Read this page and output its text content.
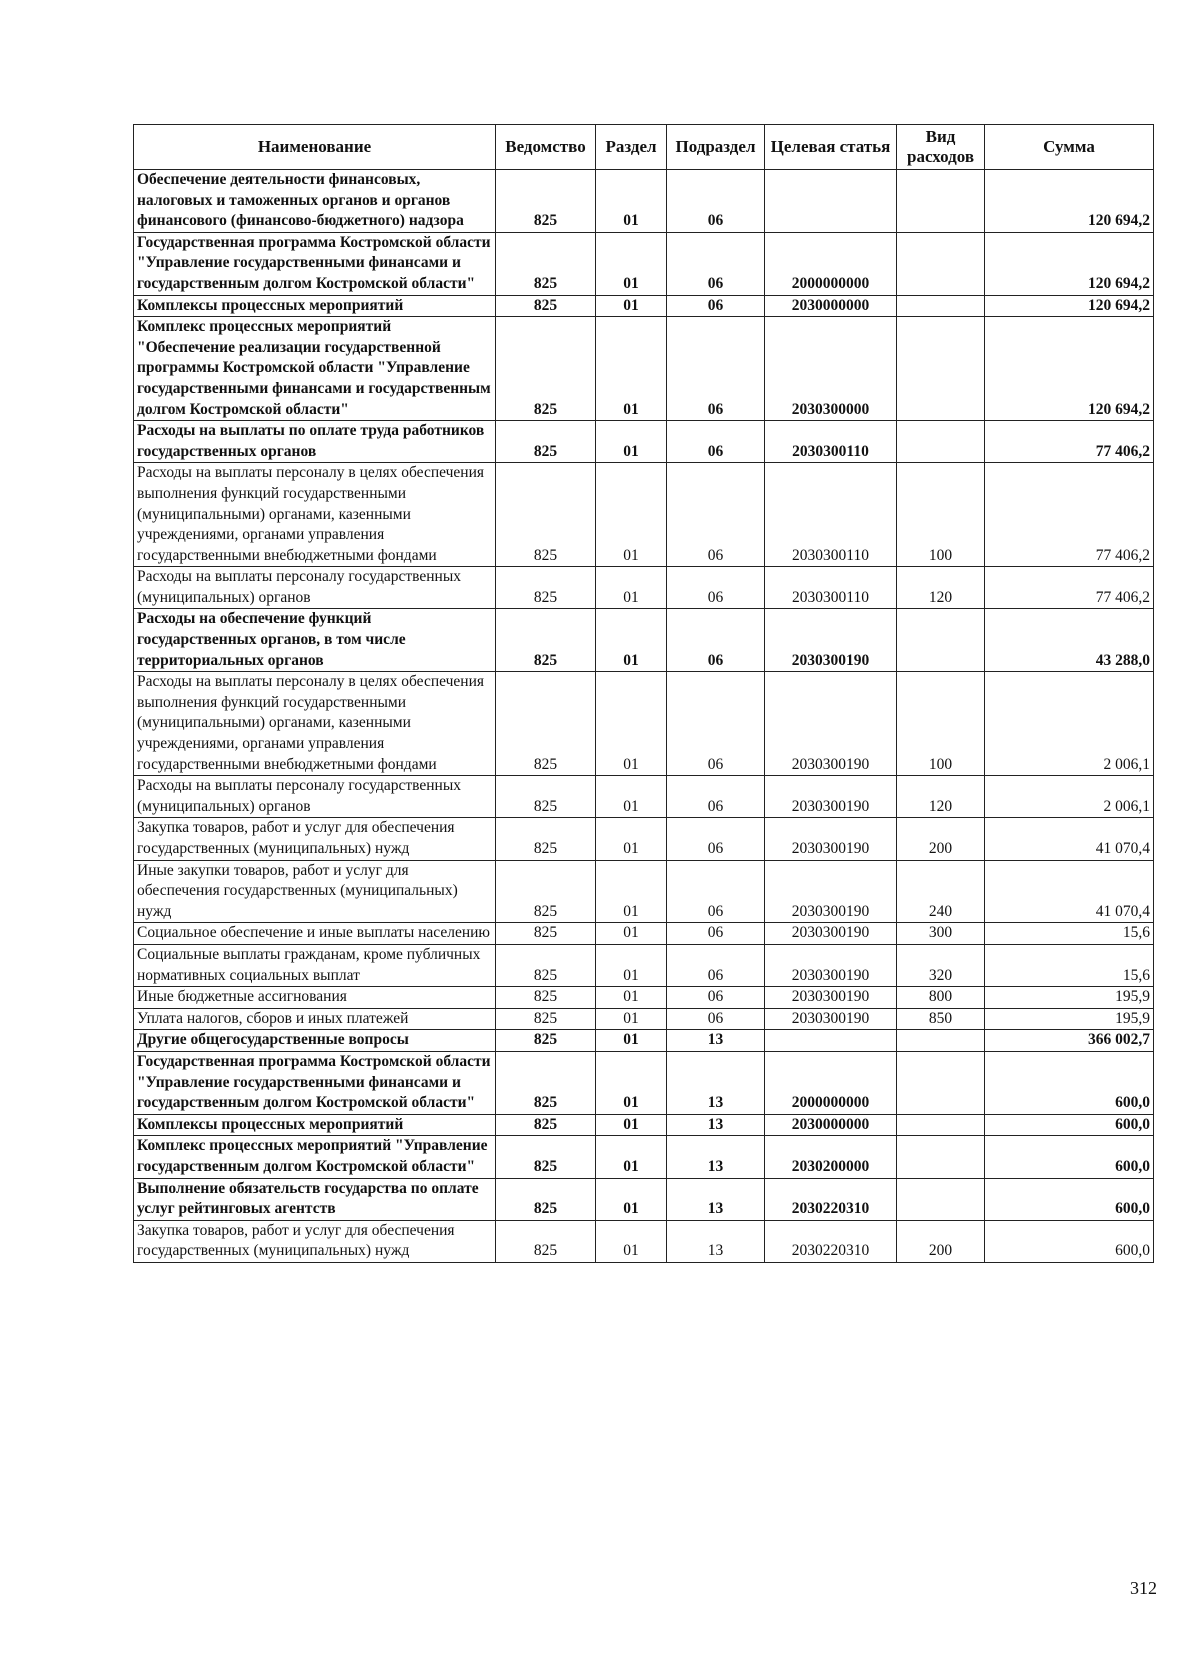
Наименование	Ведомство	Раздел	Подраздел	Целевая статья	Вид расходов	Сумма
Обеспечение деятельности финансовых, налоговых и таможенных органов и органов финансового (финансово-бюджетного) надзора	825	01	06			120 694,2
Государственная программа Костромской области "Управление государственными финансами и государственным долгом Костромской области"	825	01	06	2000000000		120 694,2
Комплексы процессных мероприятий	825	01	06	2030000000		120 694,2
Комплекс процессных мероприятий "Обеспечение реализации государственной программы Костромской области "Управление государственными финансами и государственным долгом Костромской области"	825	01	06	2030300000		120 694,2
Расходы на выплаты по оплате труда работников государственных органов	825	01	06	2030300110		77 406,2
Расходы на выплаты персоналу в целях обеспечения выполнения функций государственными (муниципальными) органами, казенными учреждениями, органами управления государственными внебюджетными фондами	825	01	06	2030300110	100	77 406,2
Расходы на выплаты персоналу государственных (муниципальных) органов	825	01	06	2030300110	120	77 406,2
Расходы на обеспечение функций государственных органов, в том числе территориальных органов	825	01	06	2030300190		43 288,0
Расходы на выплаты персоналу в целях обеспечения выполнения функций государственными (муниципальными) органами, казенными учреждениями, органами управления государственными внебюджетными фондами	825	01	06	2030300190	100	2 006,1
Расходы на выплаты персоналу государственных (муниципальных) органов	825	01	06	2030300190	120	2 006,1
Закупка товаров, работ и услуг для обеспечения государственных (муниципальных) нужд	825	01	06	2030300190	200	41 070,4
Иные закупки товаров, работ и услуг для обеспечения государственных (муниципальных) нужд	825	01	06	2030300190	240	41 070,4
Социальное обеспечение и иные выплаты населению	825	01	06	2030300190	300	15,6
Социальные выплаты гражданам, кроме публичных нормативных социальных выплат	825	01	06	2030300190	320	15,6
Иные бюджетные ассигнования	825	01	06	2030300190	800	195,9
Уплата налогов, сборов и иных платежей	825	01	06	2030300190	850	195,9
Другие общегосударственные вопросы	825	01	13			366 002,7
Государственная программа Костромской области "Управление государственными финансами и государственным долгом Костромской области"	825	01	13	2000000000		600,0
Комплексы процессных мероприятий	825	01	13	2030000000		600,0
Комплекс процессных мероприятий "Управление государственным долгом Костромской области"	825	01	13	2030200000		600,0
Выполнение обязательств государства по оплате услуг рейтинговых агентств	825	01	13	2030220310		600,0
Закупка товаров, работ и услуг для обеспечения государственных (муниципальных) нужд	825	01	13	2030220310	200	600,0
312
